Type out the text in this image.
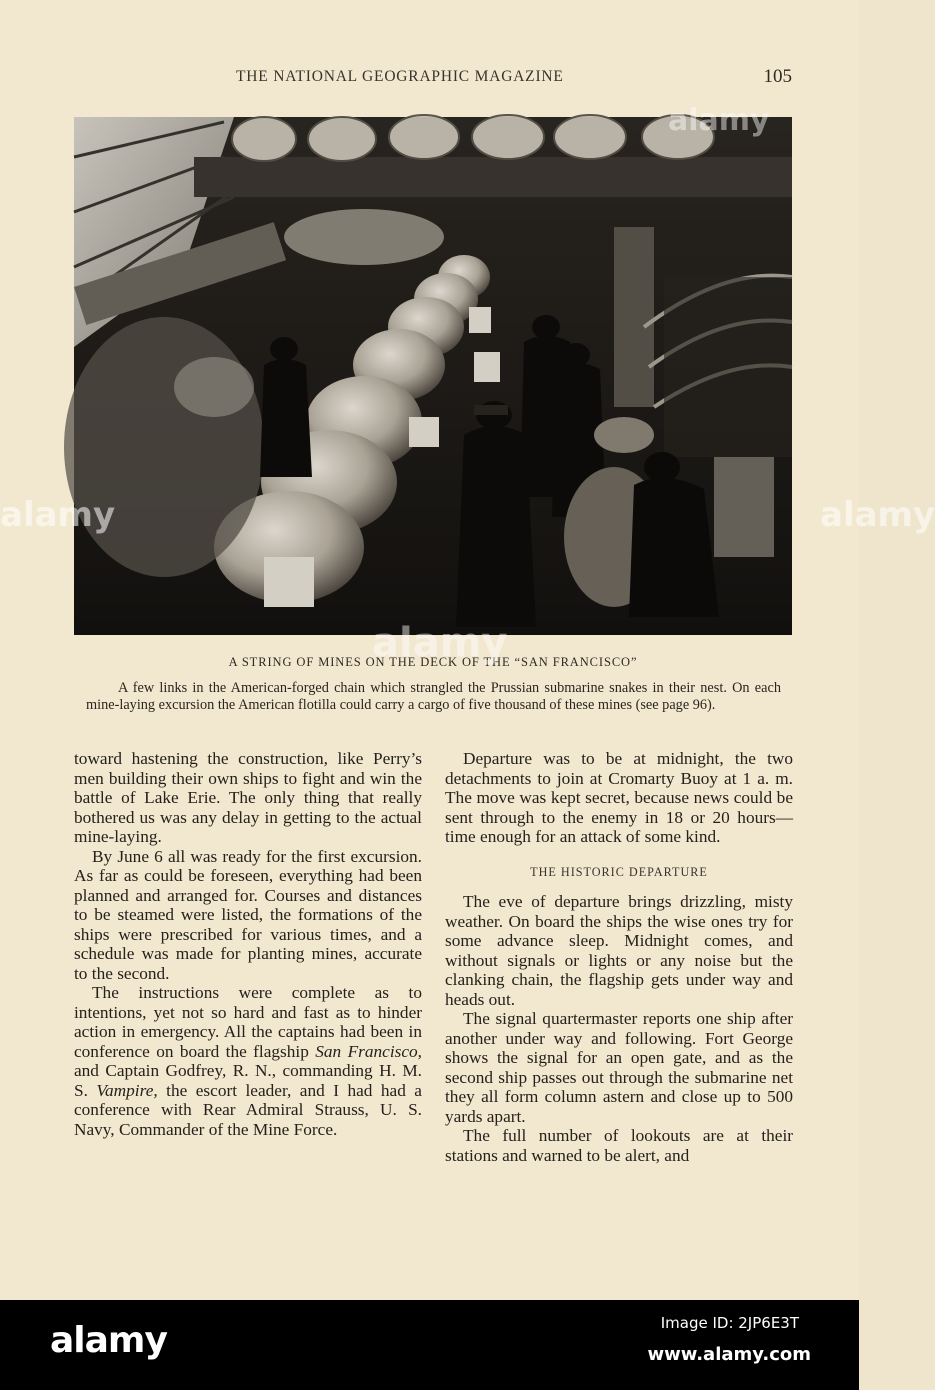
THE NATIONAL GEOGRAPHIC MAGAZINE	105
A STRING OF MINES ON THE DECK OF THE “SAN FRANCISCO”
A few links in the American-forged chain which strangled the Prussian submarine snakes in their nest. On each mine-laying excursion the American flotilla could carry a cargo of five thousand of these mines (see page 96).

toward hastening the construction, like Perry’s men building their own ships to fight and win the battle of Lake Erie. The only thing that really bothered us was any delay in getting to the actual mine-laying.

By June 6 all was ready for the first excursion. As far as could be foreseen, everything had been planned and arranged for. Courses and distances to be steamed were listed, the formations of the ships were prescribed for various times, and a schedule was made for planting mines, accurate to the second.

The instructions were complete as to intentions, yet not so hard and fast as to hinder action in emergency. All the captains had been in conference on board the flagship San Francisco, and Captain Godfrey, R. N., commanding H. M. S. Vampire, the escort leader, and I had had a conference with Rear Admiral Strauss, U. S. Navy, Commander of the Mine Force.

Departure was to be at midnight, the two detachments to join at Cromarty Buoy at 1 a. m. The move was kept secret, because news could be sent through to the enemy in 18 or 20 hours—time enough for an attack of some kind.

THE HISTORIC DEPARTURE

The eve of departure brings drizzling, misty weather. On board the ships the wise ones try for some advance sleep. Midnight comes, and without signals or lights or any noise but the clanking chain, the flagship gets under way and heads out.

The signal quartermaster reports one ship after another under way and following. Fort George shows the signal for an open gate, and as the second ship passes out through the submarine net they all form column astern and close up to 500 yards apart.

The full number of lookouts are at their stations and warned to be alert, and

alamy	alamy
alamy
alamy
alamy	Image ID: 2JP6E3T
www.alamy.com
